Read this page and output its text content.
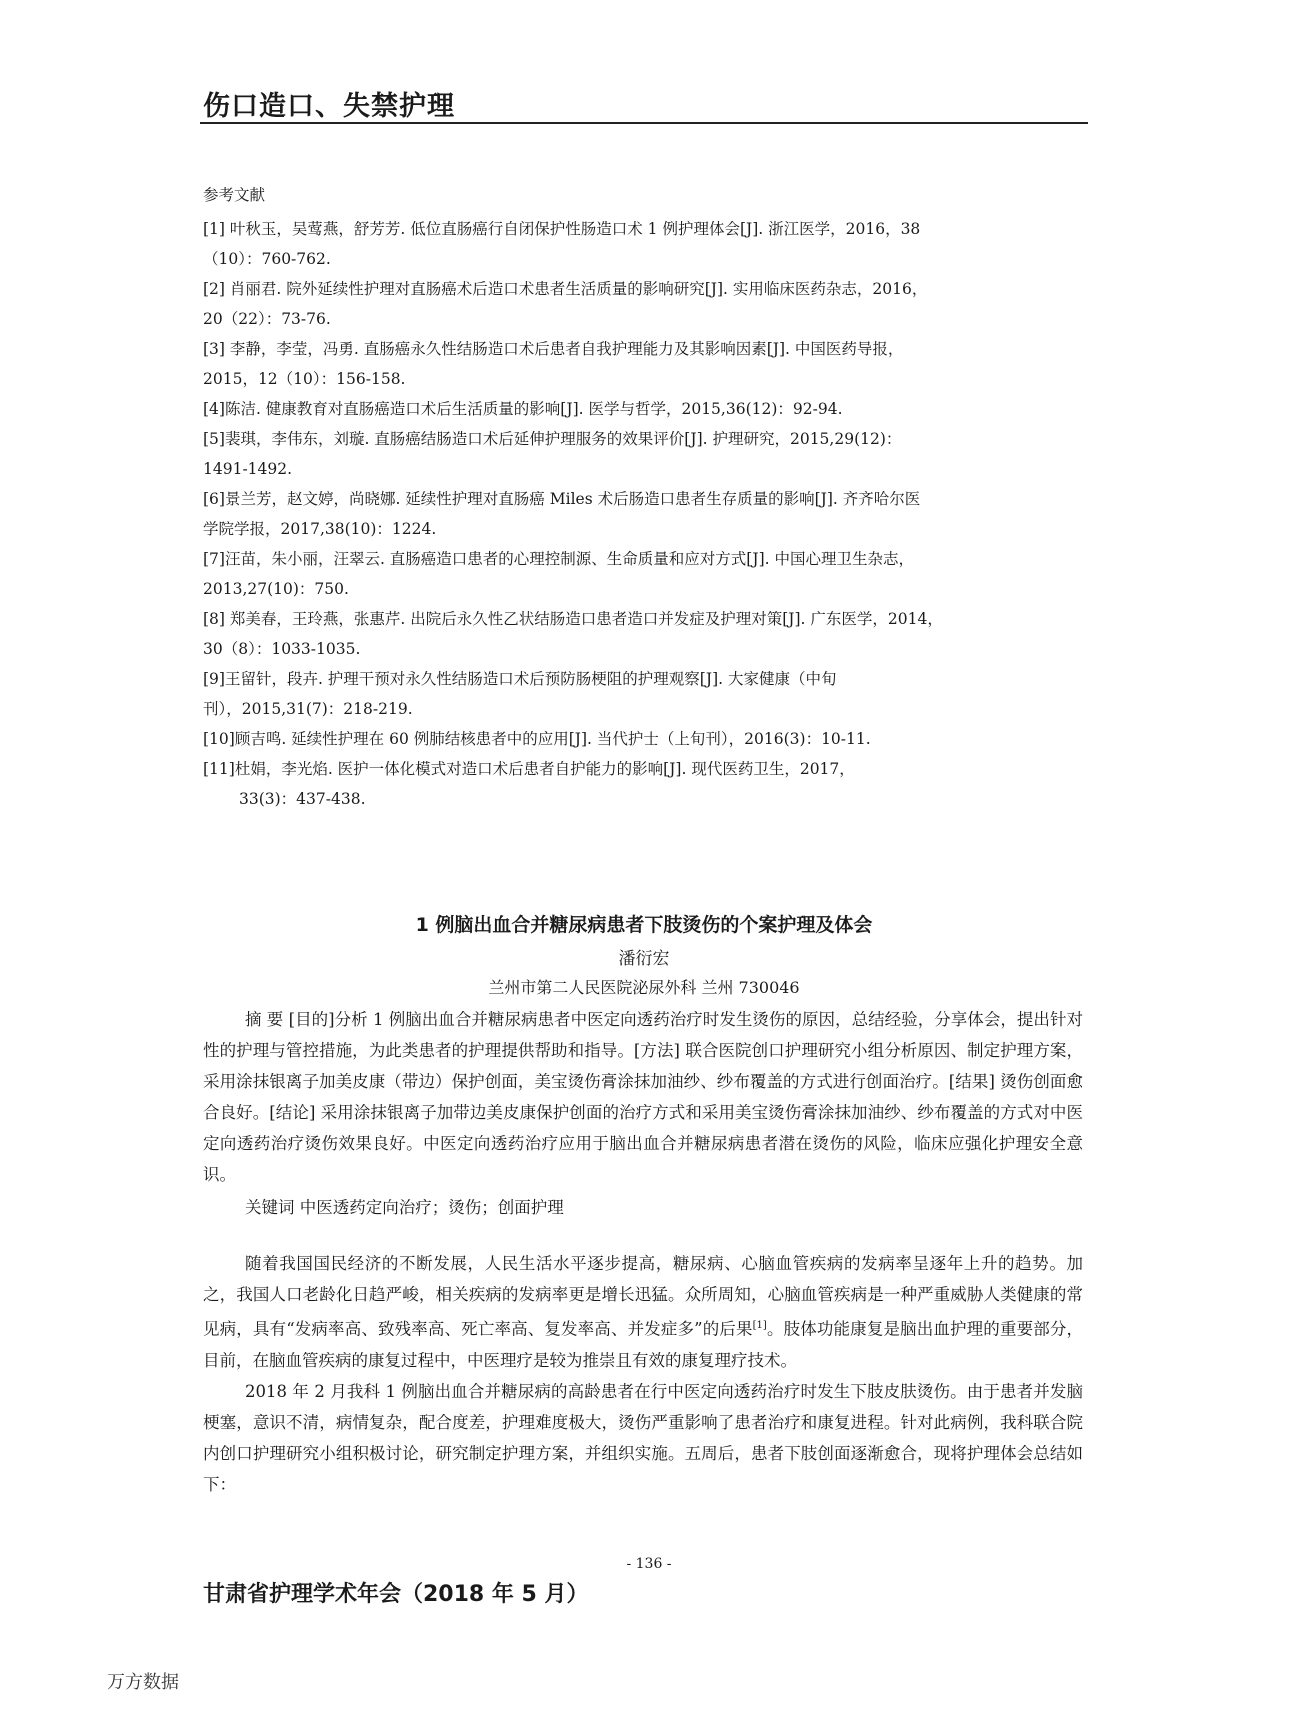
伤口造口、失禁护理
参考文献
[1] 叶秋玉，吴莺燕，舒芳芳. 低位直肠癌行自闭保护性肠造口术 1 例护理体会[J]. 浙江医学，2016，38
（10）：760-762.
[2] 肖丽君. 院外延续性护理对直肠癌术后造口术患者生活质量的影响研究[J]. 实用临床医药杂志，2016，
20（22）：73-76.
[3] 李静，李莹，冯勇. 直肠癌永久性结肠造口术后患者自我护理能力及其影响因素[J]. 中国医药导报，
2015，12（10）：156-158.
[4]陈洁. 健康教育对直肠癌造口术后生活质量的影响[J]. 医学与哲学，2015,36(12)：92-94.
[5]裴琪，李伟东，刘璇. 直肠癌结肠造口术后延伸护理服务的效果评价[J]. 护理研究，2015,29(12)：
1491-1492.
[6]景兰芳，赵文婷，尚晓娜. 延续性护理对直肠癌 Miles 术后肠造口患者生存质量的影响[J]. 齐齐哈尔医
学院学报，2017,38(10)：1224.
[7]汪苗，朱小丽，汪翠云. 直肠癌造口患者的心理控制源、生命质量和应对方式[J]. 中国心理卫生杂志，
2013,27(10)：750.
[8] 郑美春，王玲燕，张惠芹. 出院后永久性乙状结肠造口患者造口并发症及护理对策[J]. 广东医学，2014，
30（8）：1033-1035.
[9]王留针，段卉. 护理干预对永久性结肠造口术后预防肠梗阻的护理观察[J]. 大家健康（中旬
刊），2015,31(7)：218-219.
[10]顾吉鸣. 延续性护理在 60 例肺结核患者中的应用[J]. 当代护士（上旬刊），2016(3)：10-11.
[11]杜娟，李光焰. 医护一体化模式对造口术后患者自护能力的影响[J]. 现代医药卫生，2017，
33(3)：437-438.
1 例脑出血合并糖尿病患者下肢烫伤的个案护理及体会
潘衍宏
兰州市第二人民医院泌尿外科 兰州 730046

摘 要 [目的]分析 1 例脑出血合并糖尿病患者中医定向透药治疗时发生烫伤的原因，总结经验，分享体会，提出针对性的护理与管控措施，为此类患者的护理提供帮助和指导。[方法] 联合医院创口护理研究小组分析原因、制定护理方案，采用涂抹银离子加美皮康（带边）保护创面，美宝烫伤膏涂抹加油纱、纱布覆盖的方式进行创面治疗。[结果] 烫伤创面愈合良好。[结论] 采用涂抹银离子加带边美皮康保护创面的治疗方式和采用美宝烫伤膏涂抹加油纱、纱布覆盖的方式对中医定向透药治疗烫伤效果良好。中医定向透药治疗应用于脑出血合并糖尿病患者潜在烫伤的风险，临床应强化护理安全意识。

关键词 中医透药定向治疗；烫伤；创面护理

随着我国国民经济的不断发展，人民生活水平逐步提高，糖尿病、心脑血管疾病的发病率呈逐年上升的趋势。加之，我国人口老龄化日趋严峻，相关疾病的发病率更是增长迅猛。众所周知，心脑血管疾病是一种严重威胁人类健康的常见病，具有“发病率高、致残率高、死亡率高、复发率高、并发症多”的后果[1]。肢体功能康复是脑出血护理的重要部分，目前，在脑血管疾病的康复过程中，中医理疗是较为推崇且有效的康复理疗技术。

2018 年 2 月我科 1 例脑出血合并糖尿病的高龄患者在行中医定向透药治疗时发生下肢皮肤烫伤。由于患者并发脑梗塞，意识不清，病情复杂，配合度差，护理难度极大，烫伤严重影响了患者治疗和康复进程。针对此病例，我科联合院内创口护理研究小组积极讨论，研究制定护理方案，并组织实施。五周后，患者下肢创面逐渐愈合，现将护理体会总结如下：

- 136 -
甘肃省护理学术年会（2018 年 5 月）
万方数据
